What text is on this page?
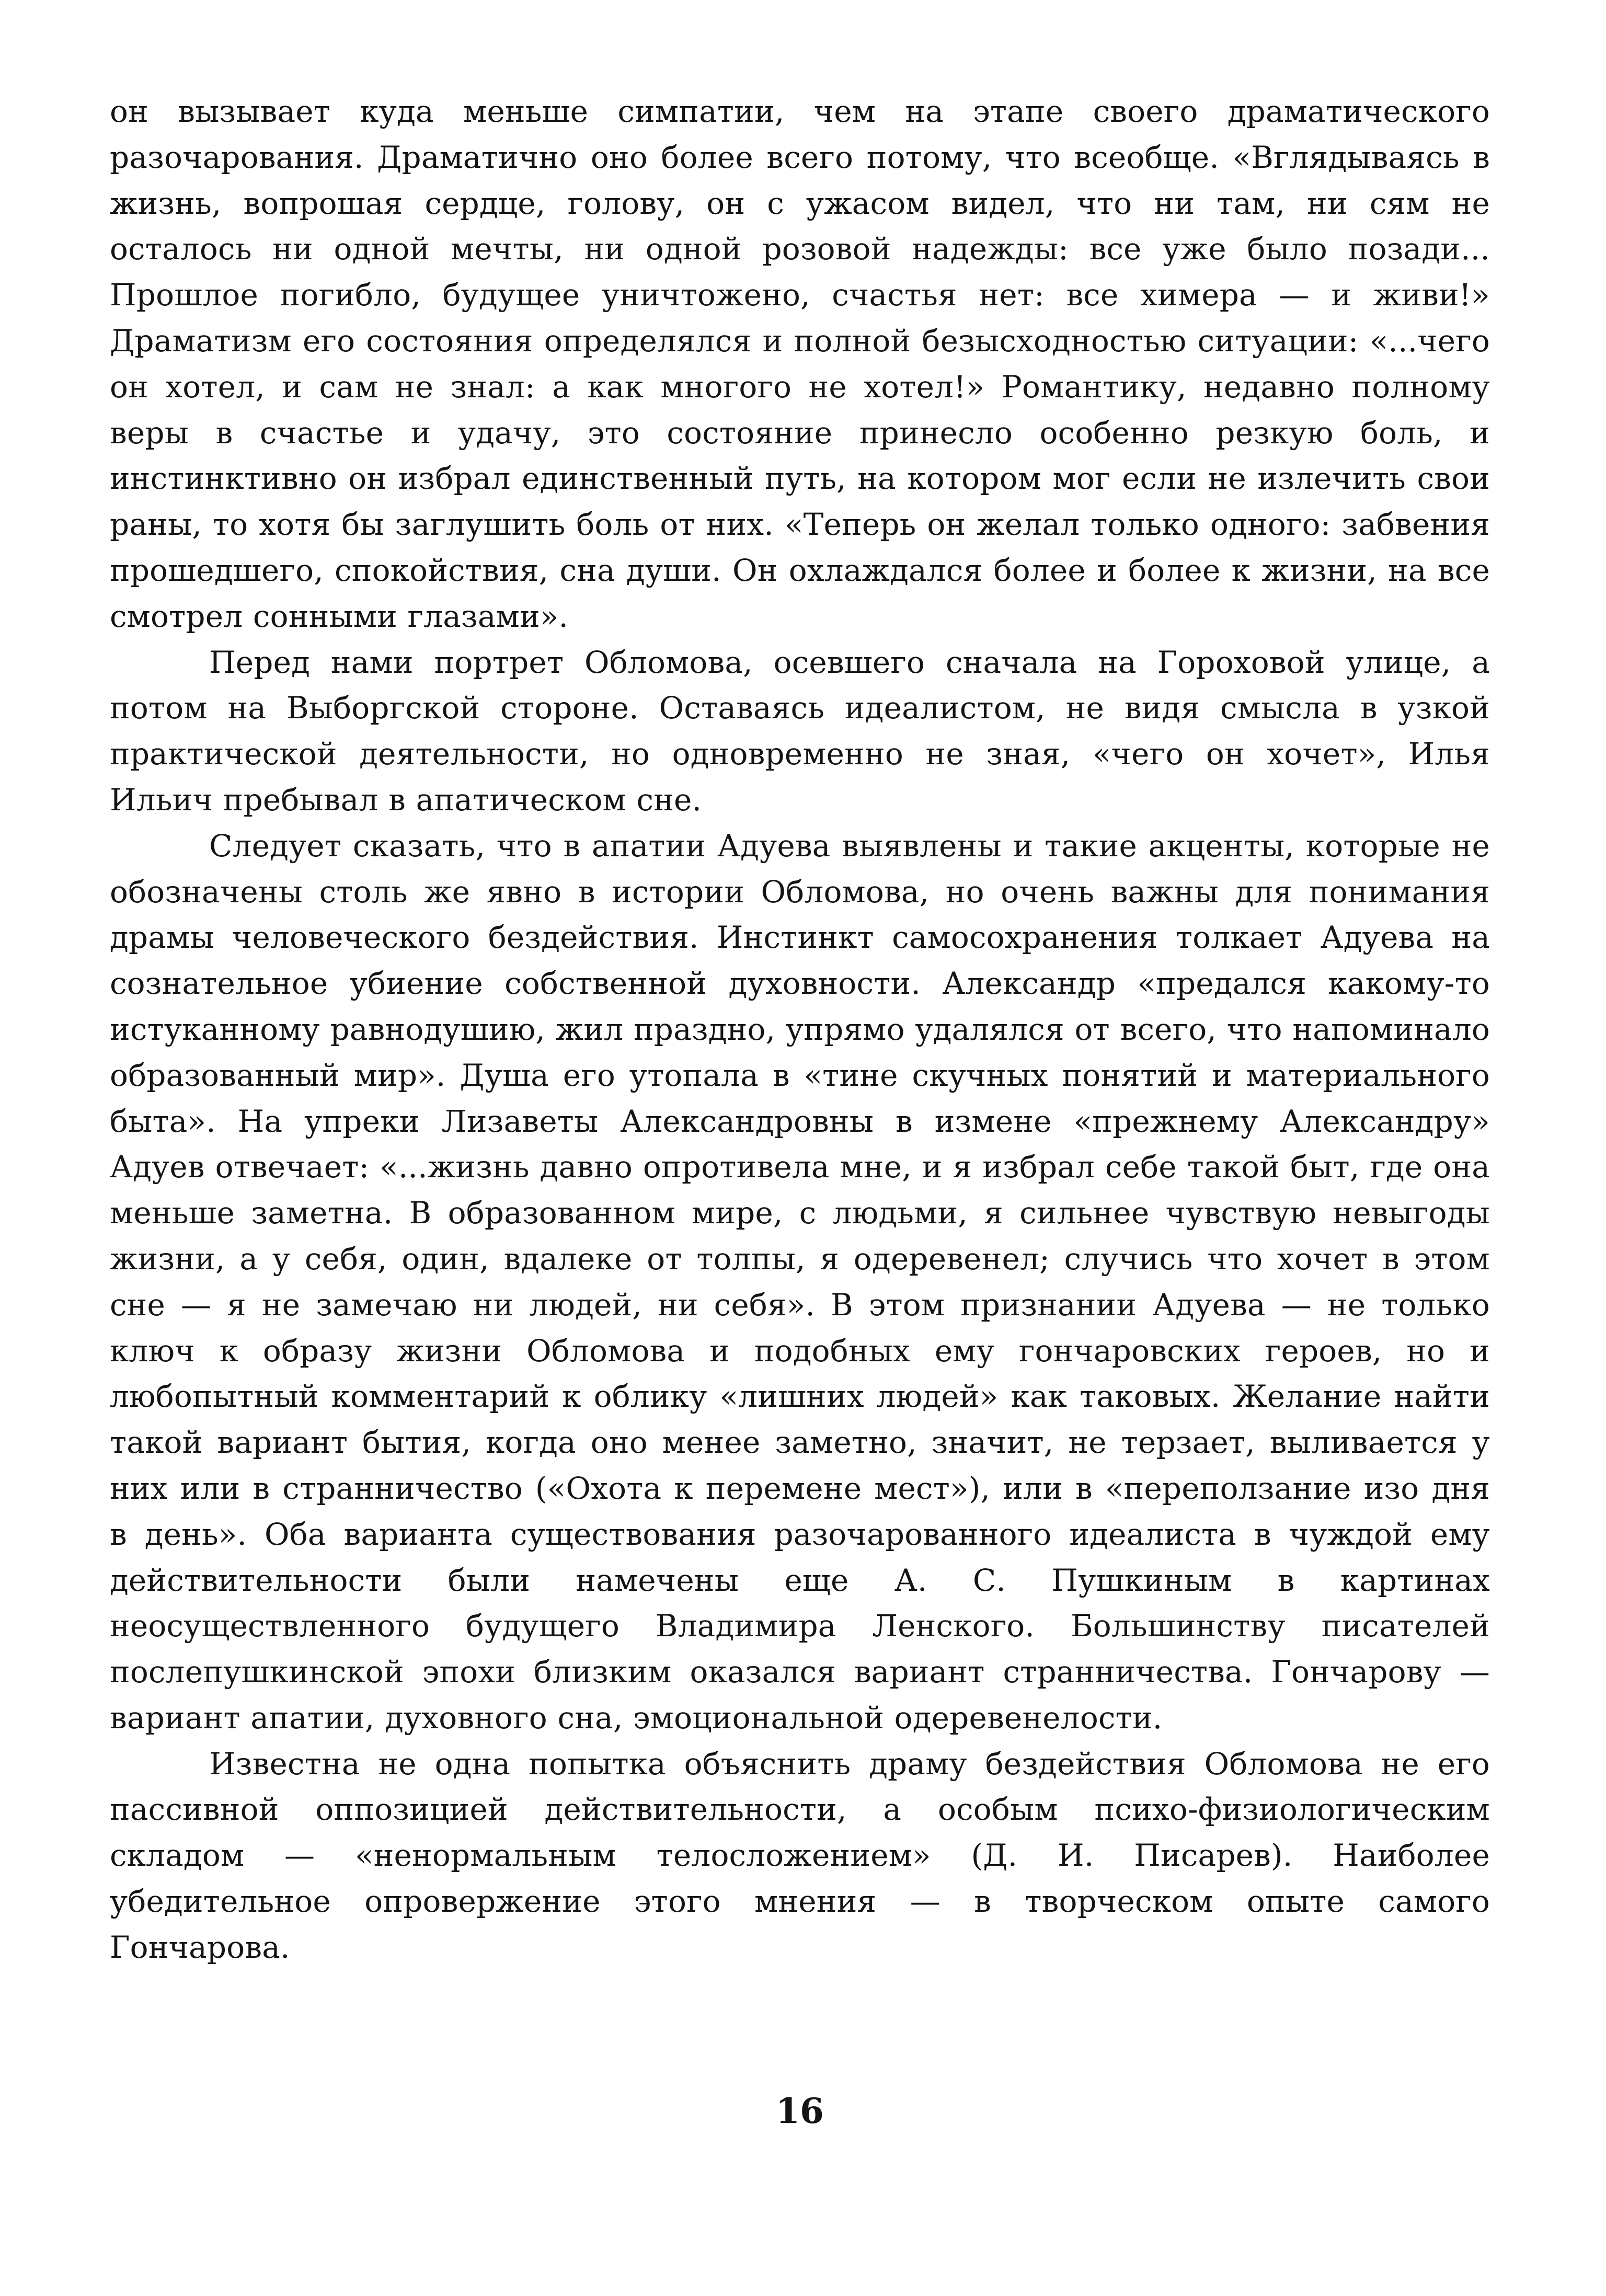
он вызывает куда меньше симпатии, чем на этапе своего драматического разочарования. Драматично оно более всего потому, что всеобще. «Вглядываясь в жизнь, вопрошая сердце, голову, он с ужасом видел, что ни там, ни сям не осталось ни одной мечты, ни одной розовой надежды: все уже было позади... Прошлое погибло, будущее уничтожено, счастья нет: все химера — и живи!» Драматизм его состояния определялся и полной безысходностью ситуации: «...чего он хотел, и сам не знал: а как многого не хотел!» Романтику, недавно полному веры в счастье и удачу, это состояние принесло особенно резкую боль, и инстинктивно он избрал единственный путь, на котором мог если не излечить свои раны, то хотя бы заглушить боль от них. «Теперь он желал только одного: забвения прошедшего, спокойствия, сна души. Он охлаждался более и более к жизни, на все смотрел сонными глазами».

Перед нами портрет Обломова, осевшего сначала на Гороховой улице, а потом на Выборгской стороне. Оставаясь идеалистом, не видя смысла в узкой практической деятельности, но одновременно не зная, «чего он хочет», Илья Ильич пребывал в апатическом сне.

Следует сказать, что в апатии Адуева выявлены и такие акценты, которые не обозначены столь же явно в истории Обломова, но очень важны для понимания драмы человеческого бездействия. Инстинкт самосохранения толкает Адуева на сознательное убиение собственной духовности. Александр «предался какому-то истуканному равнодушию, жил праздно, упрямо удалялся от всего, что напоминало образованный мир». Душа его утопала в «тине скучных понятий и материального быта». На упреки Лизаветы Александровны в измене «прежнему Александру» Адуев отвечает: «...жизнь давно опротивела мне, и я избрал себе такой быт, где она меньше заметна. В образованном мире, с людьми, я сильнее чувствую невыгоды жизни, а у себя, один, вдалеке от толпы, я одеревенел; случись что хочет в этом сне — я не замечаю ни людей, ни себя». В этом признании Адуева — не только ключ к образу жизни Обломова и подобных ему гончаровских героев, но и любопытный комментарий к облику «лишних людей» как таковых. Желание найти такой вариант бытия, когда оно менее заметно, значит, не терзает, выливается у них или в странничество («Охота к перемене мест»), или в «переползание изо дня в день». Оба варианта существования разочарованного идеалиста в чуждой ему действительности были намечены еще А. С. Пушкиным в картинах неосуществленного будущего Владимира Ленского. Большинству писателей послепушкинской эпохи близким оказался вариант странничества. Гончарову — вариант апатии, духовного сна, эмоциональной одеревенелости.

Известна не одна попытка объяснить драму бездействия Обломова не его пассивной оппозицией действительности, а особым психо-физиологическим складом — «ненормальным телосложением» (Д. И. Писарев). Наиболее убедительное опровержение этого мнения — в творческом опыте самого Гончарова.

16
